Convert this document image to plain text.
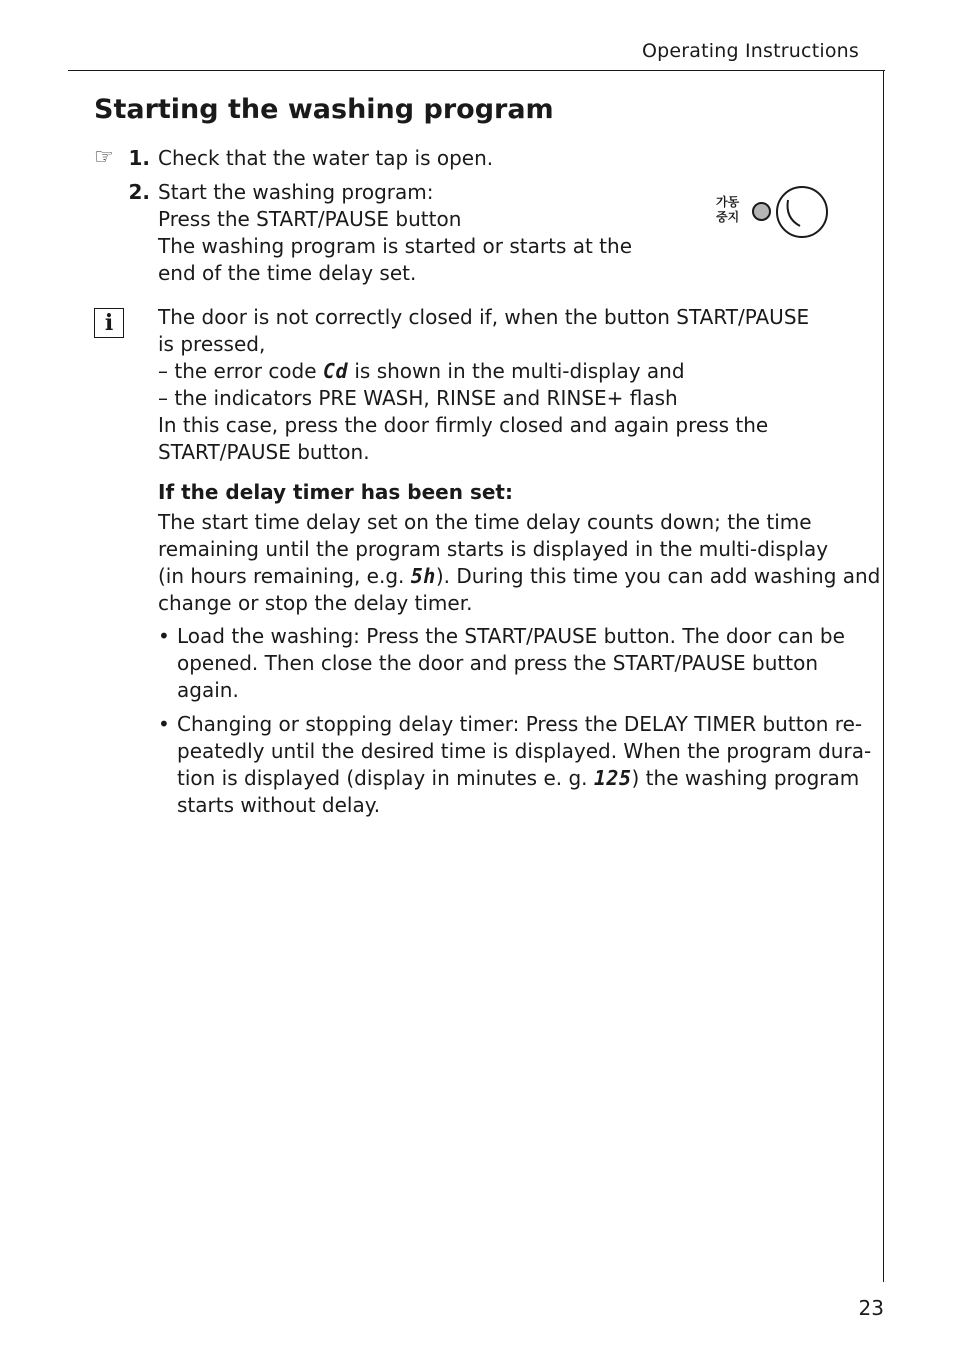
Operating Instructions
Starting the washing program
☞ 1. Check that the water tap is open.
2. Start the washing program:
Press the START/PAUSE button
The washing program is started or starts at the
end of the time delay set.
가동
중지
i	The door is not correctly closed if, when the button START/PAUSE
is pressed,
– the error code Cd is shown in the multi-display and
– the indicators PRE WASH, RINSE and RINSE+ flash
In this case, press the door firmly closed and again press the
START/PAUSE button.
If the delay timer has been set:
The start time delay set on the time delay counts down; the time
remaining until the program starts is displayed in the multi-display
(in hours remaining, e.g. 5h). During this time you can add washing and
change or stop the delay timer.
• Load the washing: Press the START/PAUSE button. The door can be
opened. Then close the door and press the START/PAUSE button
again.
• Changing or stopping delay timer: Press the DELAY TIMER button re-
peatedly until the desired time is displayed. When the program dura-
tion is displayed (display in minutes e. g. 125) the washing program
starts without delay.
23
